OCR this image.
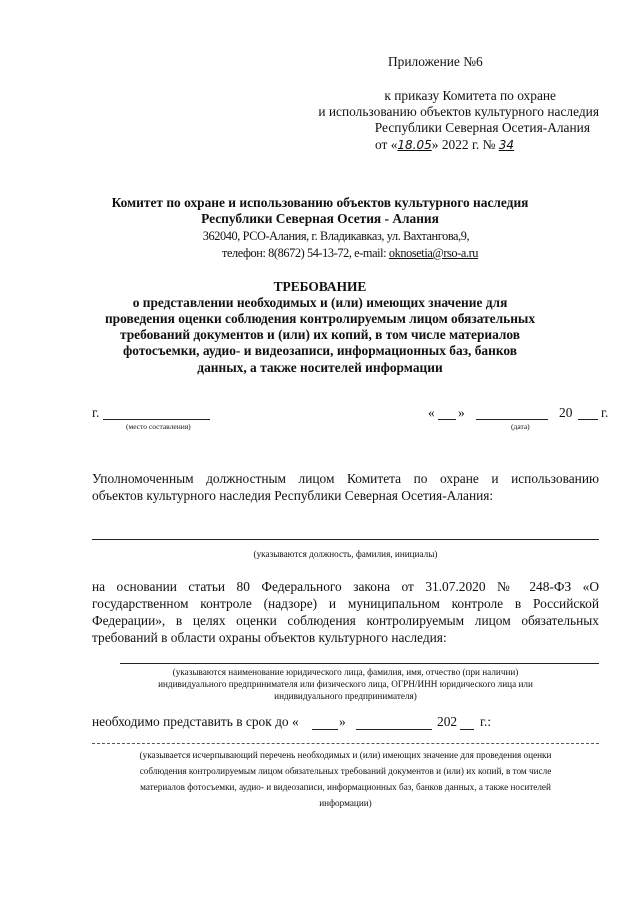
Приложение №6
к приказу Комитета по охране
и использованию объектов культурного наследия
Республики Северная Осетия-Алания
от «18.05» 2022 г. № 34
Комитет по охране и использованию объектов культурного наследия
Республики Северная Осетия - Алания
362040, РСО-Алания, г. Владикавказ, ул. Вахтангова,9,
телефон: 8(8672) 54-13-72, e-mail: oknosetia@rso-a.ru
ТРЕБОВАНИЕ
о представлении необходимых и (или) имеющих значение для
проведения оценки соблюдения контролируемым лицом обязательных
требований документов и (или) их копий, в том числе материалов
фотосъемки, аудио- и видеозаписи, информационных баз, банков
данных, а также носителей информации
г.
(место составления)
« »	20 г.
(дата)
Уполномоченным должностным лицом Комитета по охране и использованию
объектов культурного наследия Республики Северная Осетия-Алания:
(указываются должность, фамилия, инициалы)
на основании статьи 80 Федерального закона от 31.07.2020 № 248-ФЗ «О
государственном контроле (надзоре) и муниципальном контроле в Российской
Федерации», в целях оценки соблюдения контролируемым лицом обязательных
требований в области охраны объектов культурного наследия:
(указываются наименование юридического лица, фамилия, имя, отчество (при наличии)
индивидуального предпринимателя или физического лица, ОГРН/ИНН юридического лица или
индивидуального предпринимателя)
необходимо представить в срок до «	»	202 г.:
(указывается исчерпывающий перечень необходимых и (или) имеющих значение для проведения оценки
соблюдения контролируемым лицом обязательных требований документов и (или) их копий, в том числе
материалов фотосъемки, аудио- и видеозаписи, информационных баз, банков данных, а также носителей
информации)
